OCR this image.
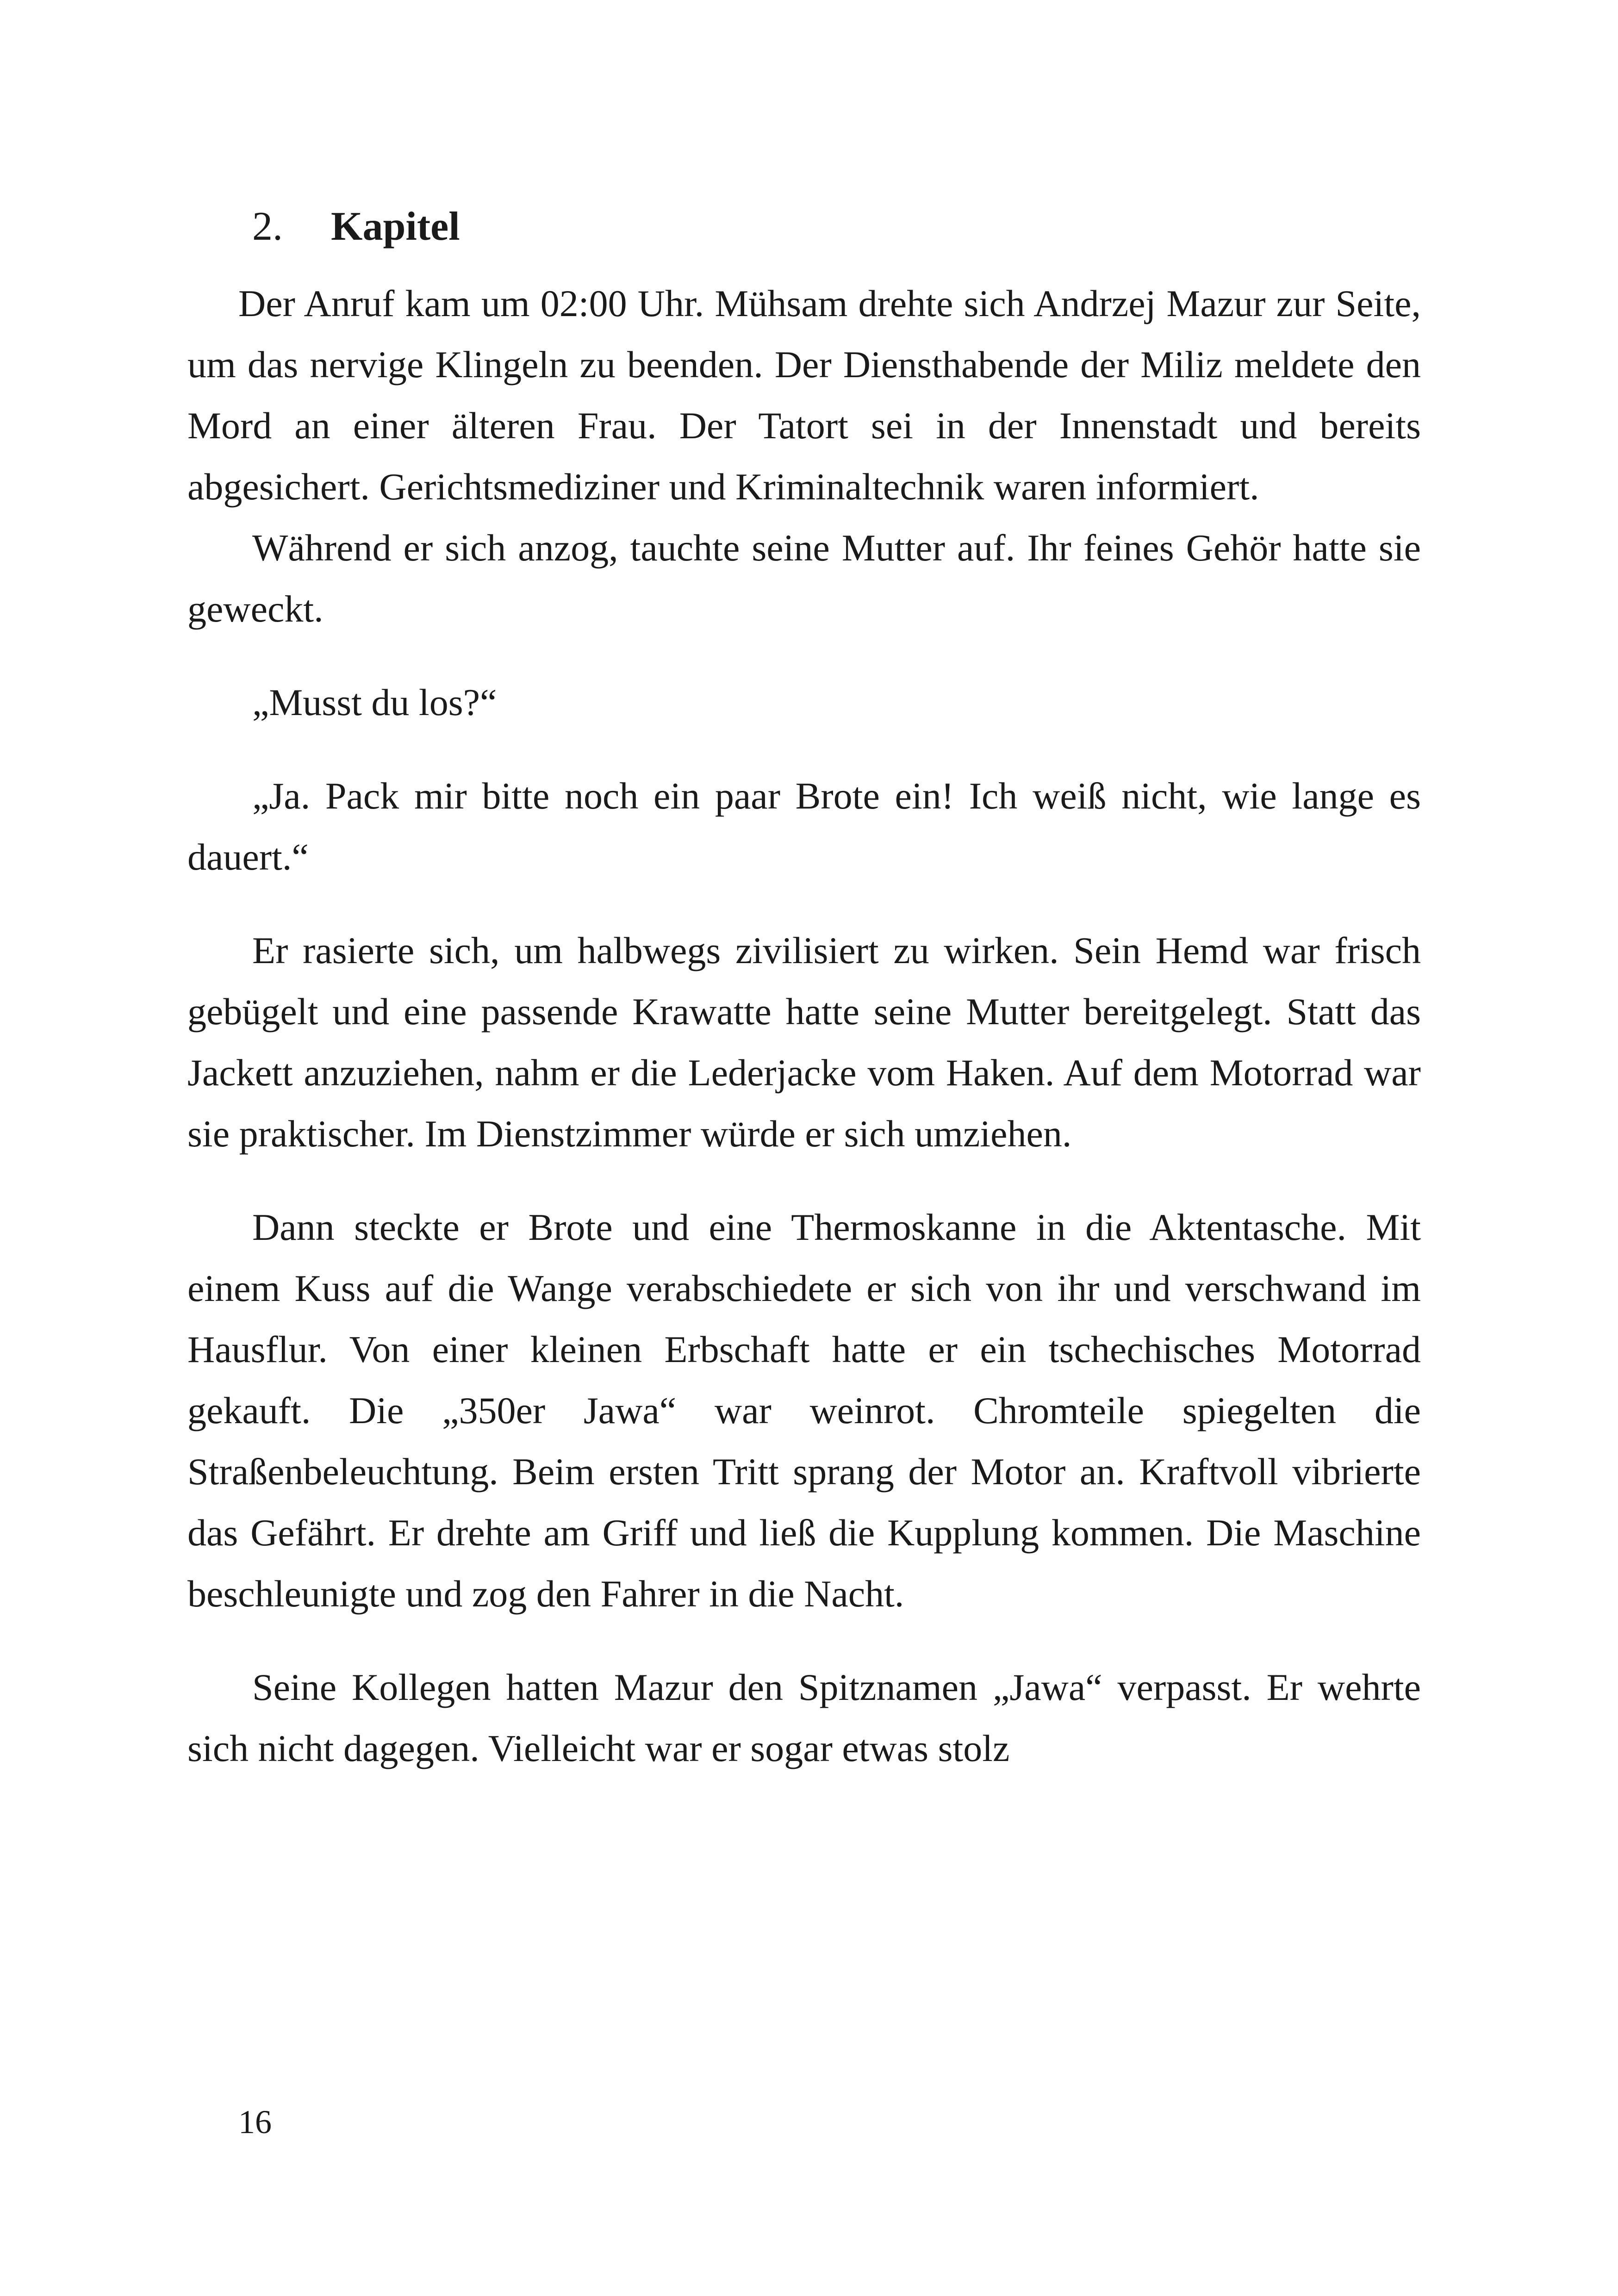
2.	Kapitel

Der Anruf kam um 02:00 Uhr. Mühsam drehte sich Andrzej Mazur zur Seite, um das nervige Klingeln zu beenden. Der Diensthabende der Miliz meldete den Mord an einer älteren Frau. Der Tatort sei in der Innenstadt und bereits abgesichert. Gerichtsmediziner und Kriminaltechnik waren informiert.

Während er sich anzog, tauchte seine Mutter auf. Ihr feines Gehör hatte sie geweckt.

„Musst du los?“

„Ja. Pack mir bitte noch ein paar Brote ein! Ich weiß nicht, wie lange es dauert.“

Er rasierte sich, um halbwegs zivilisiert zu wirken. Sein Hemd war frisch gebügelt und eine passende Krawatte hatte seine Mutter bereitgelegt. Statt das Jackett anzuziehen, nahm er die Lederjacke vom Haken. Auf dem Motorrad war sie praktischer. Im Dienstzimmer würde er sich umziehen.

Dann steckte er Brote und eine Thermoskanne in die Aktentasche. Mit einem Kuss auf die Wange verabschiedete er sich von ihr und verschwand im Hausflur. Von einer kleinen Erbschaft hatte er ein tschechisches Motorrad gekauft. Die „350er Jawa“ war weinrot. Chromteile spiegelten die Straßenbeleuchtung. Beim ersten Tritt sprang der Motor an. Kraftvoll vibrierte das Gefährt. Er drehte am Griff und ließ die Kupplung kommen. Die Maschine beschleunigte und zog den Fahrer in die Nacht.

Seine Kollegen hatten Mazur den Spitznamen „Jawa“ verpasst. Er wehrte sich nicht dagegen. Vielleicht war er sogar etwas stolz

16
